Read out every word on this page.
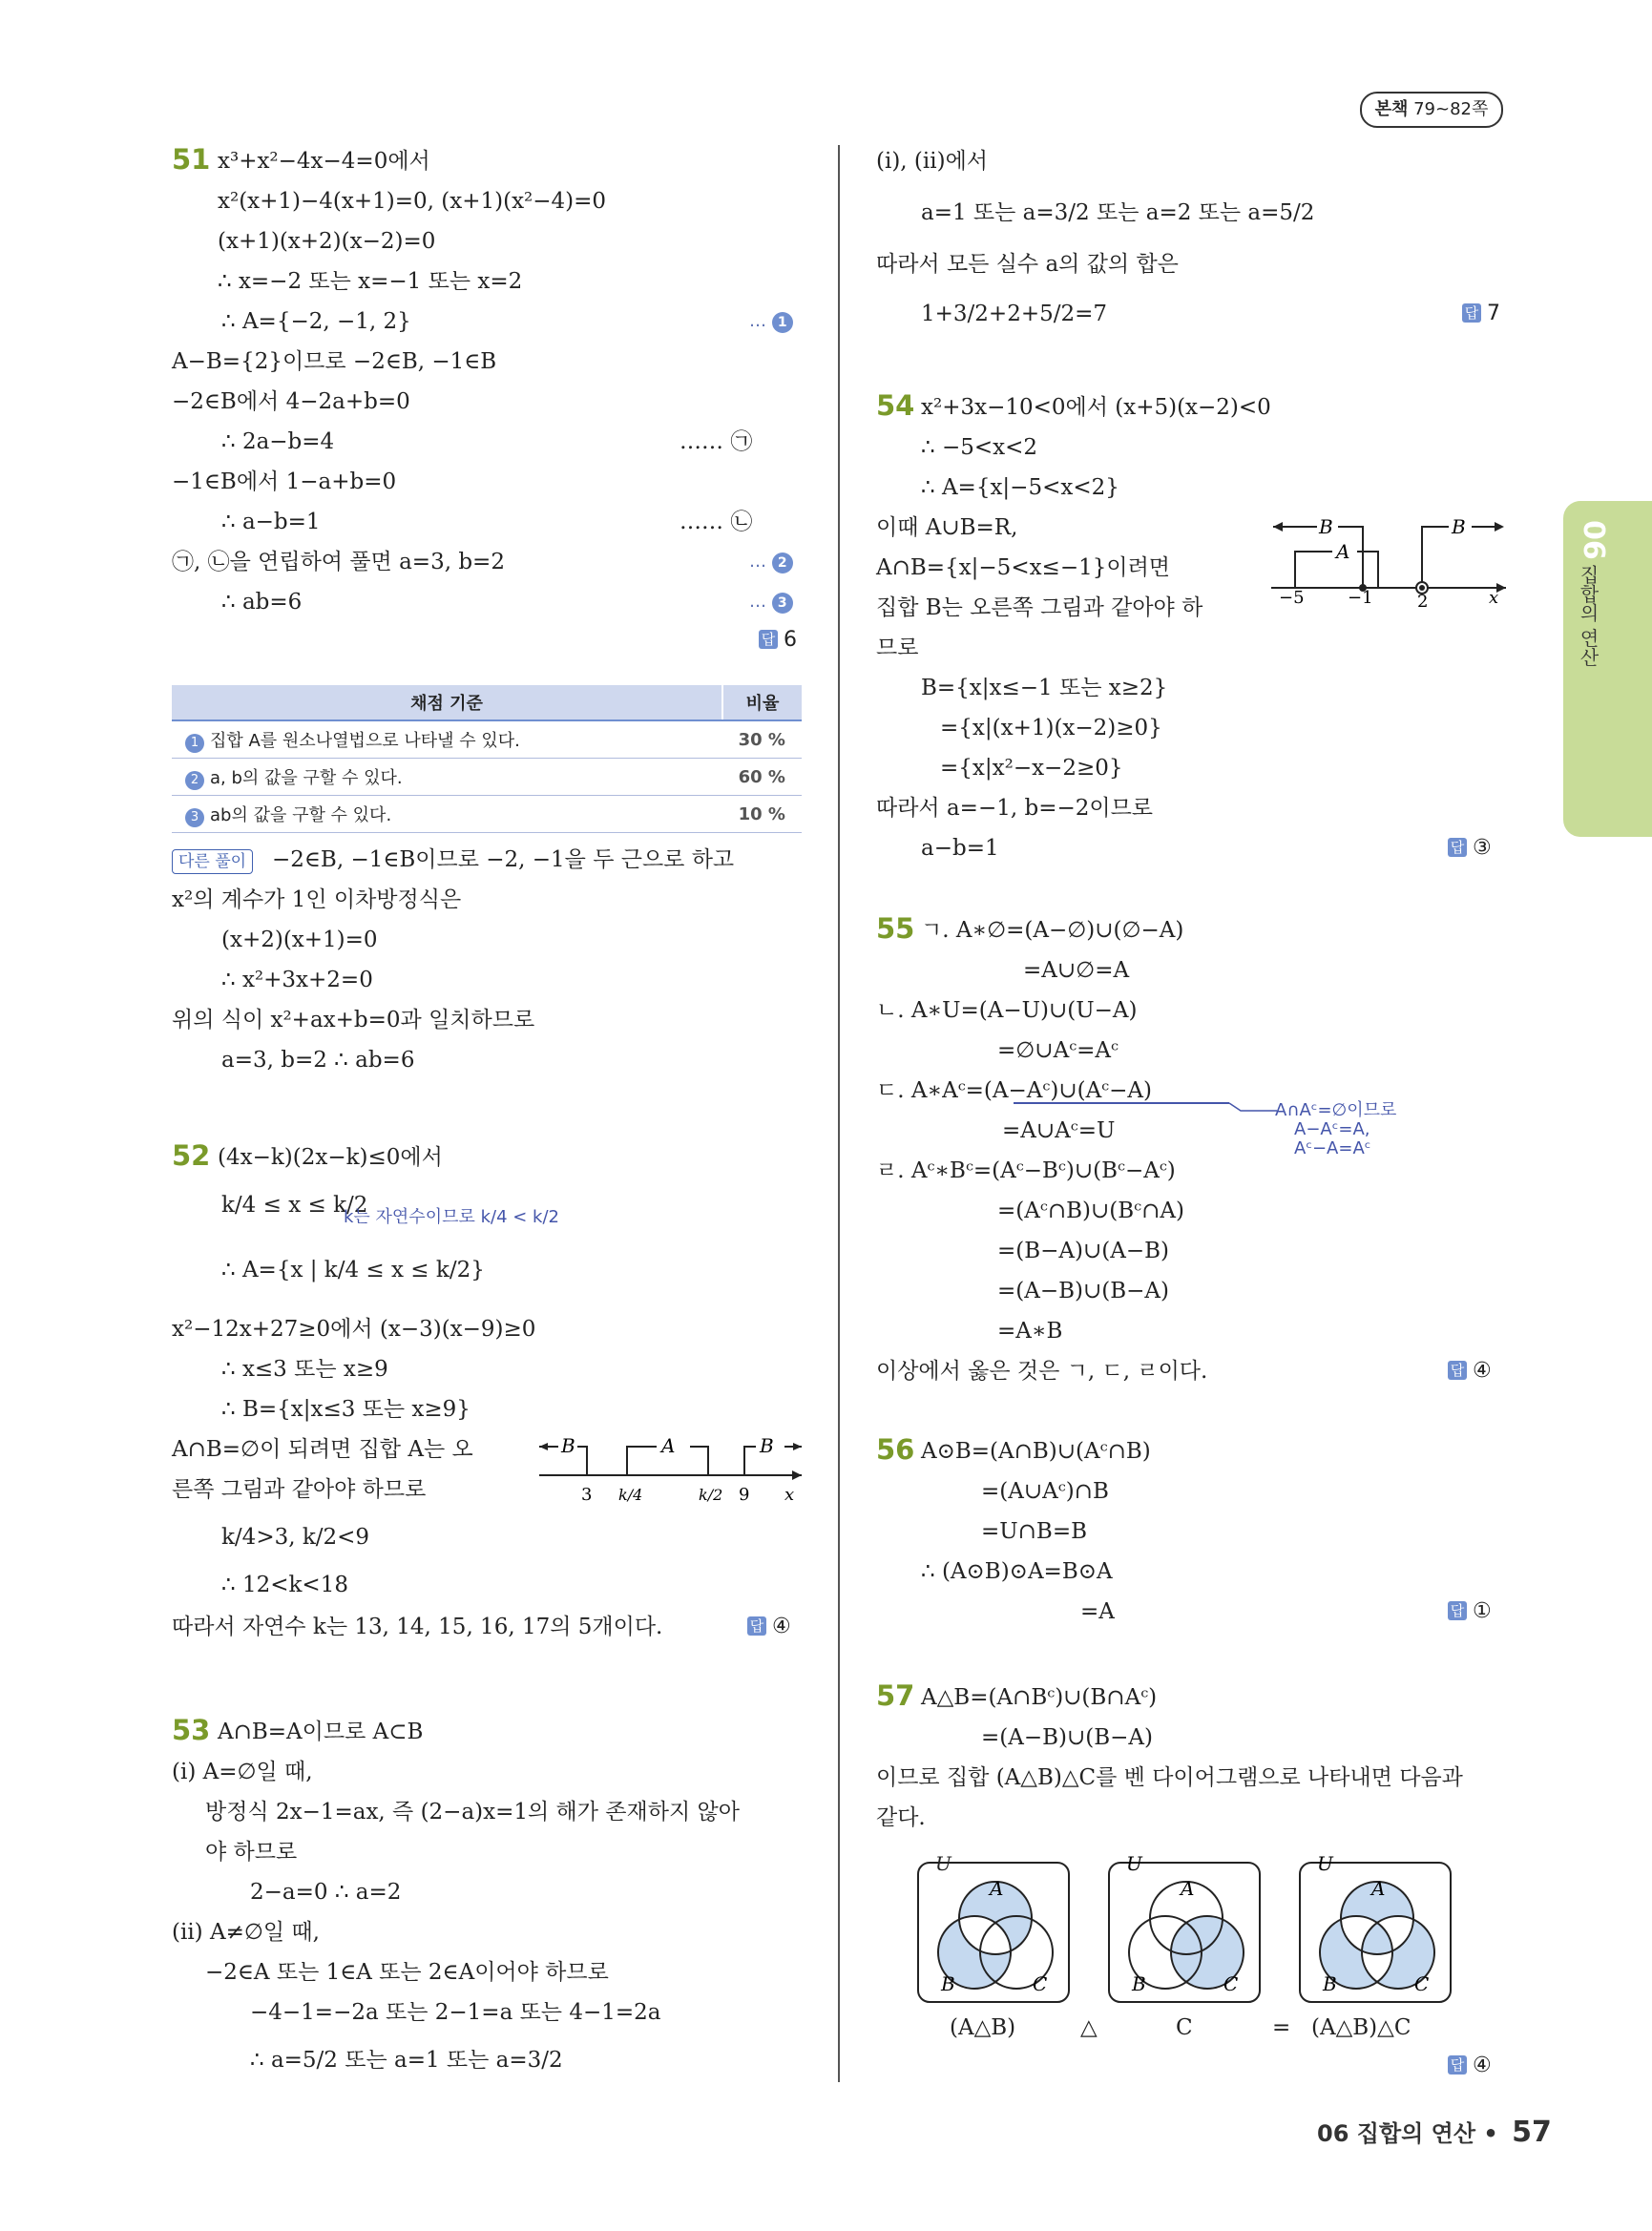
본책 79~82쪽
06
집합의 연산
51 x³+x²−4x−4=0에서
x²(x+1)−4(x+1)=0, (x+1)(x²−4)=0
(x+1)(x+2)(x−2)=0
∴ x=−2 또는 x=−1 또는 x=2
∴ A={−2, −1, 2}	… 1
A−B={2}이므로 −2∈B, −1∈B
−2∈B에서 4−2a+b=0
∴ 2a−b=4	…… ㉠
−1∈B에서 1−a+b=0
∴ a−b=1	…… ㉡
㉠, ㉡을 연립하여 풀면 a=3, b=2	… 2
∴ ab=6	… 3
답 6
채점 기준	비율
1 집합 A를 원소나열법으로 나타낼 수 있다.	30 %
2 a, b의 값을 구할 수 있다.	60 %
3 ab의 값을 구할 수 있다.	10 %
다른 풀이	−2∈B, −1∈B이므로 −2, −1을 두 근으로 하고
x²의 계수가 1인 이차방정식은
(x+2)(x+1)=0
∴ x²+3x+2=0
위의 식이 x²+ax+b=0과 일치하므로
a=3, b=2 ∴ ab=6
52 (4x−k)(2x−k)≤0에서
k/4 ≤ x ≤ k/2
k는 자연수이므로 k/4 < k/2
∴ A={x | k/4 ≤ x ≤ k/2}
x²−12x+27≥0에서 (x−3)(x−9)≥0
∴ x≤3 또는 x≥9
∴ B={x|x≤3 또는 x≥9}
A∩B=∅이 되려면 집합 A는 오
른쪽 그림과 같아야 하므로
B	A	B
3 k/4	k/2 9 x
k/4>3, k/2<9
∴ 12<k<18
따라서 자연수 k는 13, 14, 15, 16, 17의 5개이다.	답 ④
53 A∩B=A이므로 A⊂B
(i) A=∅일 때,
방정식 2x−1=ax, 즉 (2−a)x=1의 해가 존재하지 않아
야 하므로
2−a=0 ∴ a=2
(ii) A≠∅일 때,
−2∈A 또는 1∈A 또는 2∈A이어야 하므로
−4−1=−2a 또는 2−1=a 또는 4−1=2a
∴ a=5/2 또는 a=1 또는 a=3/2
(i), (ii)에서
a=1 또는 a=3/2 또는 a=2 또는 a=5/2
따라서 모든 실수 a의 값의 합은
1+3/2+2+5/2=7	답 7
54 x²+3x−10<0에서 (x+5)(x−2)<0
∴ −5<x<2
∴ A={x|−5<x<2}
이때 A∪B=R,
A∩B={x|−5<x≤−1}이려면
집합 B는 오른쪽 그림과 같아야 하
므로
B
A
B
−5	−1	2	x
B={x|x≤−1 또는 x≥2}
={x|(x+1)(x−2)≥0}
={x|x²−x−2≥0}
따라서 a=−1, b=−2이므로
a−b=1	답 ③
55 ㄱ. A∗∅=(A−∅)∪(∅−A)
=A∪∅=A
ㄴ. A∗U=(A−U)∪(U−A)
=∅∪Aᶜ=Aᶜ
ㄷ. A∗Aᶜ=(A−Aᶜ)∪(Aᶜ−A)
A∩Aᶜ=∅이므로
A−Aᶜ=A,
Aᶜ−A=Aᶜ
=A∪Aᶜ=U
ㄹ. Aᶜ∗Bᶜ=(Aᶜ−Bᶜ)∪(Bᶜ−Aᶜ)
=(Aᶜ∩B)∪(Bᶜ∩A)
=(B−A)∪(A−B)
=(A−B)∪(B−A)
=A∗B
이상에서 옳은 것은 ㄱ, ㄷ, ㄹ이다.	답 ④
56 A⊙B=(A∩B)∪(Aᶜ∩B)
=(A∪Aᶜ)∩B
=U∩B=B
∴ (A⊙B)⊙A=B⊙A
=A	답 ①
57 A△B=(A∩Bᶜ)∪(B∩Aᶜ)
=(A−B)∪(B−A)
이므로 집합 (A△B)△C를 벤 다이어그램으로 나타내면 다음과
같다.
U
A
B	C
U
A
B	C
U
A
B	C
(A△B)	△	C	= (A△B)△C
답 ④
06 집합의 연산 • 57
